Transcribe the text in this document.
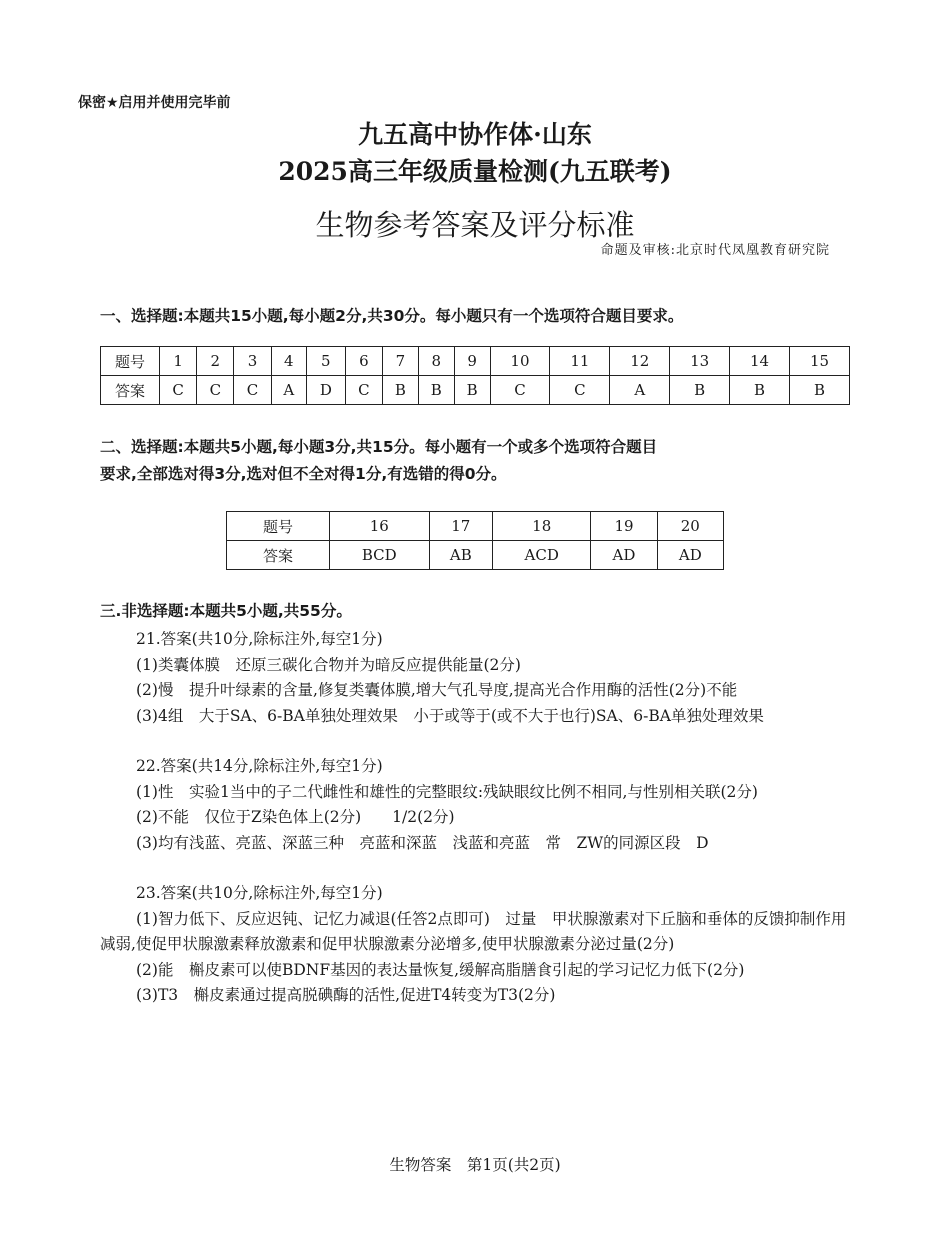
保密★启用并使用完毕前
九五高中协作体·山东
2025高三年级质量检测(九五联考)
生物参考答案及评分标准
命题及审核:北京时代凤凰教育研究院
一、选择题:本题共15小题,每小题2分,共30分。每小题只有一个选项符合题目要求。
题号	1	2	3	4	5	6	7	8	9	10	11	12	13	14	15
答案	C	C	C	A	D	C	B	B	B	C	C	A	B	B	B
二、选择题:本题共5小题,每小题3分,共15分。每小题有一个或多个选项符合题目
要求,全部选对得3分,选对但不全对得1分,有选错的得0分。
题号	16	17	18	19	20
答案	BCD	AB	ACD	AD	AD
三.非选择题:本题共5小题,共55分。

21.答案(共10分,除标注外,每空1分)

(1)类囊体膜　还原三碳化合物并为暗反应提供能量(2分)

(2)慢　提升叶绿素的含量,修复类囊体膜,增大气孔导度,提高光合作用酶的活性(2分)不能

(3)4组　大于SA、6-BA单独处理效果　小于或等于(或不大于也行)SA、6-BA单独处理效果

22.答案(共14分,除标注外,每空1分)

(1)性　实验1当中的子二代雌性和雄性的完整眼纹:残缺眼纹比例不相同,与性别相关联(2分)

(2)不能　仅位于Z染色体上(2分)　　1/2(2分)

(3)均有浅蓝、亮蓝、深蓝三种　亮蓝和深蓝　浅蓝和亮蓝　常　ZW的同源区段　D

23.答案(共10分,除标注外,每空1分)

(1)智力低下、反应迟钝、记忆力减退(任答2点即可)　过量　甲状腺激素对下丘脑和垂体的反馈抑制作用减弱,使促甲状腺激素释放激素和促甲状腺激素分泌增多,使甲状腺激素分泌过量(2分)

(2)能　槲皮素可以使BDNF基因的表达量恢复,缓解高脂膳食引起的学习记忆力低下(2分)

(3)T3　槲皮素通过提高脱碘酶的活性,促进T4转变为T3(2分)

生物答案　第1页(共2页)
